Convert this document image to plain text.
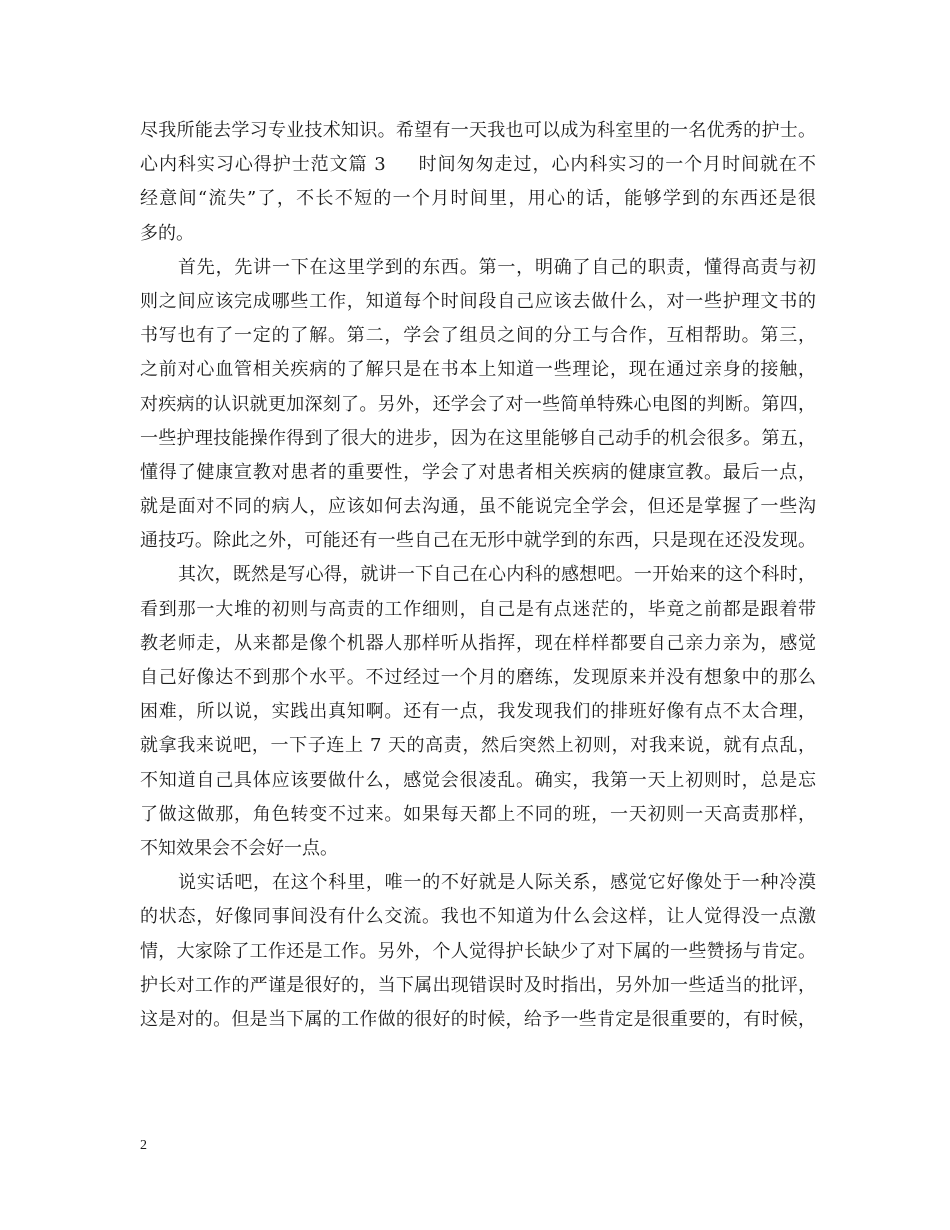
尽我所能去学习专业技术知识。希望有一天我也可以成为科室里的一名优秀的护士。
心内科实习心得护士范文篇 3 时间匆匆走过，心内科实习的一个月时间就在不
经意间“流失”了，不长不短的一个月时间里，用心的话，能够学到的东西还是很
多的。
首先，先讲一下在这里学到的东西。第一，明确了自己的职责，懂得高责与初
则之间应该完成哪些工作，知道每个时间段自己应该去做什么，对一些护理文书的
书写也有了一定的了解。第二，学会了组员之间的分工与合作，互相帮助。第三，
之前对心血管相关疾病的了解只是在书本上知道一些理论，现在通过亲身的接触，
对疾病的认识就更加深刻了。另外，还学会了对一些简单特殊心电图的判断。第四，
一些护理技能操作得到了很大的进步，因为在这里能够自己动手的机会很多。第五，
懂得了健康宣教对患者的重要性，学会了对患者相关疾病的健康宣教。最后一点，
就是面对不同的病人，应该如何去沟通，虽不能说完全学会，但还是掌握了一些沟
通技巧。除此之外，可能还有一些自己在无形中就学到的东西，只是现在还没发现。
其次，既然是写心得，就讲一下自己在心内科的感想吧。一开始来的这个科时，
看到那一大堆的初则与高责的工作细则，自己是有点迷茫的，毕竟之前都是跟着带
教老师走，从来都是像个机器人那样听从指挥，现在样样都要自己亲力亲为，感觉
自己好像达不到那个水平。不过经过一个月的磨练，发现原来并没有想象中的那么
困难，所以说，实践出真知啊。还有一点，我发现我们的排班好像有点不太合理，
就拿我来说吧，一下子连上 7 天的高责，然后突然上初则，对我来说，就有点乱，
不知道自己具体应该要做什么，感觉会很凌乱。确实，我第一天上初则时，总是忘
了做这做那，角色转变不过来。如果每天都上不同的班，一天初则一天高责那样，
不知效果会不会好一点。
说实话吧，在这个科里，唯一的不好就是人际关系，感觉它好像处于一种冷漠
的状态，好像同事间没有什么交流。我也不知道为什么会这样，让人觉得没一点激
情，大家除了工作还是工作。另外，个人觉得护长缺少了对下属的一些赞扬与肯定。
护长对工作的严谨是很好的，当下属出现错误时及时指出，另外加一些适当的批评，
这是对的。但是当下属的工作做的很好的时候，给予一些肯定是很重要的，有时候，
2
